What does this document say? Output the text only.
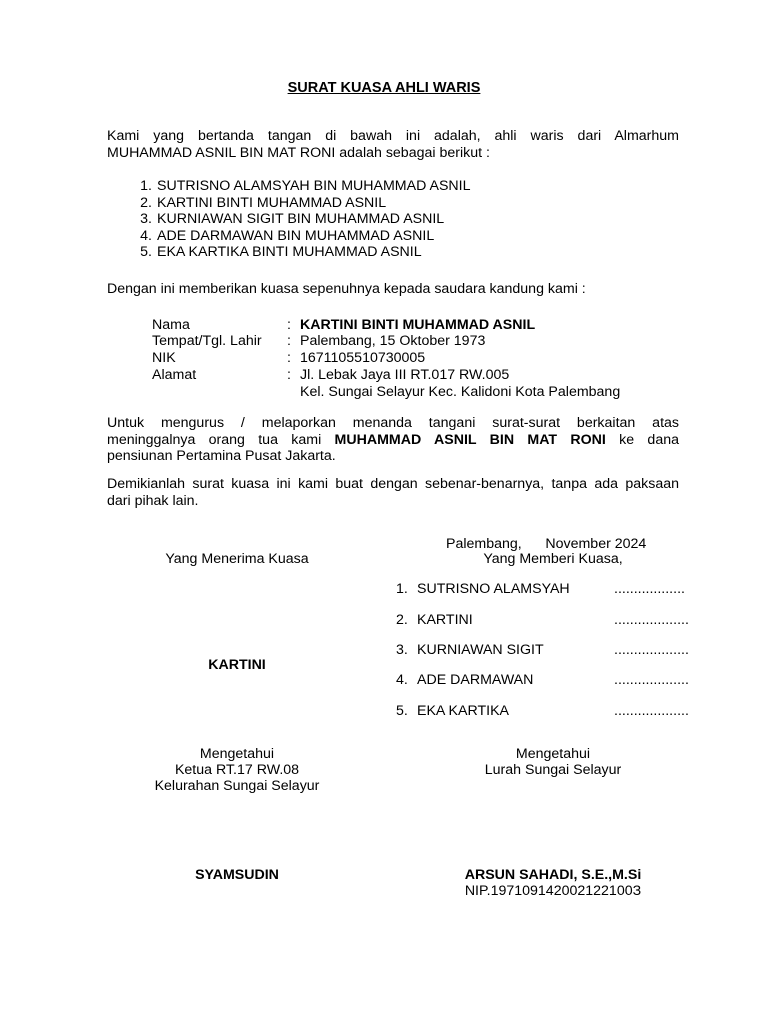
SURAT KUASA AHLI WARIS
Kami yang bertanda tangan di bawah ini adalah, ahli waris dari Almarhum
MUHAMMAD ASNIL BIN MAT RONI adalah sebagai berikut :
1. SUTRISNO ALAMSYAH BIN MUHAMMAD ASNIL
2. KARTINI BINTI MUHAMMAD ASNIL
3. KURNIAWAN SIGIT BIN MUHAMMAD ASNIL
4. ADE DARMAWAN BIN MUHAMMAD ASNIL
5. EKA KARTIKA BINTI MUHAMMAD ASNIL
Dengan ini memberikan kuasa sepenuhnya kepada saudara kandung kami :
Nama	: KARTINI BINTI MUHAMMAD ASNIL
Tempat/Tgl. Lahir : Palembang, 15 Oktober 1973
NIK	: 1671105510730005
Alamat	: Jl. Lebak Jaya III RT.017 RW.005
Kel. Sungai Selayur Kec. Kalidoni Kota Palembang
Untuk mengurus / melaporkan menanda tangani surat-surat berkaitan atas
meninggalnya orang tua kami MUHAMMAD ASNIL BIN MAT RONI ke dana
pensiunan Pertamina Pusat Jakarta.
Demikianlah surat kuasa ini kami buat dengan sebenar-benarnya, tanpa ada paksaan
dari pihak lain.
Palembang,      November 2024
Yang Menerima Kuasa	Yang Memberi Kuasa,
KARTINI
1. SUTRISNO ALAMSYAH	..................
2. KARTINI	...................
3. KURNIAWAN SIGIT	...................
4. ADE DARMAWAN	...................
5. EKA KARTIKA	...................
Mengetahui
Ketua RT.17 RW.08
Kelurahan Sungai Selayur
SYAMSUDIN
Mengetahui
Lurah Sungai Selayur
ARSUN SAHADI, S.E.,M.Si
NIP.197109142002122100З
